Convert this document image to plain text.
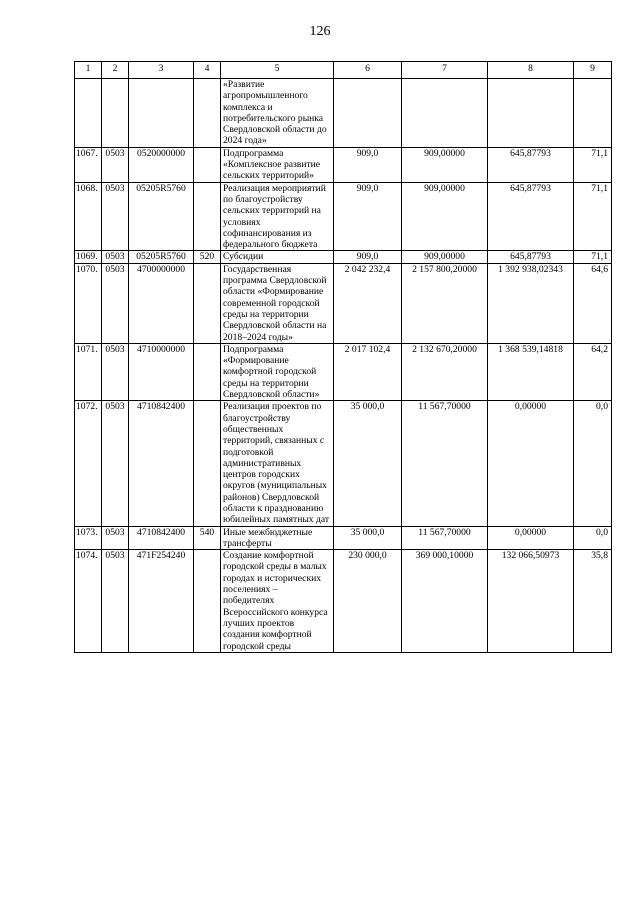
126
1	2	3	4	5	6	7	8	9
				«Развитие агропромышленного комплекса и потребительского рынка Свердловской области до 2024 года»				
1067.	0503	0520000000		Подпрограмма «Комплексное развитие сельских территорий»	909,0	909,00000	645,87793	71,1
1068.	0503	05205R5760		Реализация мероприятий по благоустройству сельских территорий на условиях софинансирования из федерального бюджета	909,0	909,00000	645,87793	71,1
1069.	0503	05205R5760	520	Субсидии	909,0	909,00000	645,87793	71,1
1070.	0503	4700000000		Государственная программа Свердловской области «Формирование современной городской среды на территории Свердловской области на 2018–2024 годы»	2 042 232,4	2 157 800,20000	1 392 938,02343	64,6
1071.	0503	4710000000		Подпрограмма «Формирование комфортной городской среды на территории Свердловской области»	2 017 102,4	2 132 670,20000	1 368 539,14818	64,2
1072.	0503	4710842400		Реализация проектов по благоустройству общественных территорий, связанных с подготовкой административных центров городских округов (муниципальных районов) Свердловской области к празднованию юбилейных памятных дат	35 000,0	11 567,70000	0,00000	0,0
1073.	0503	4710842400	540	Иные межбюджетные трансферты	35 000,0	11 567,70000	0,00000	0,0
1074.	0503	471F254240		Создание комфортной городской среды в малых городах и исторических поселениях – победителях Всероссийского конкурса лучших проектов создания комфортной городской среды	230 000,0	369 000,10000	132 066,50973	35,8
